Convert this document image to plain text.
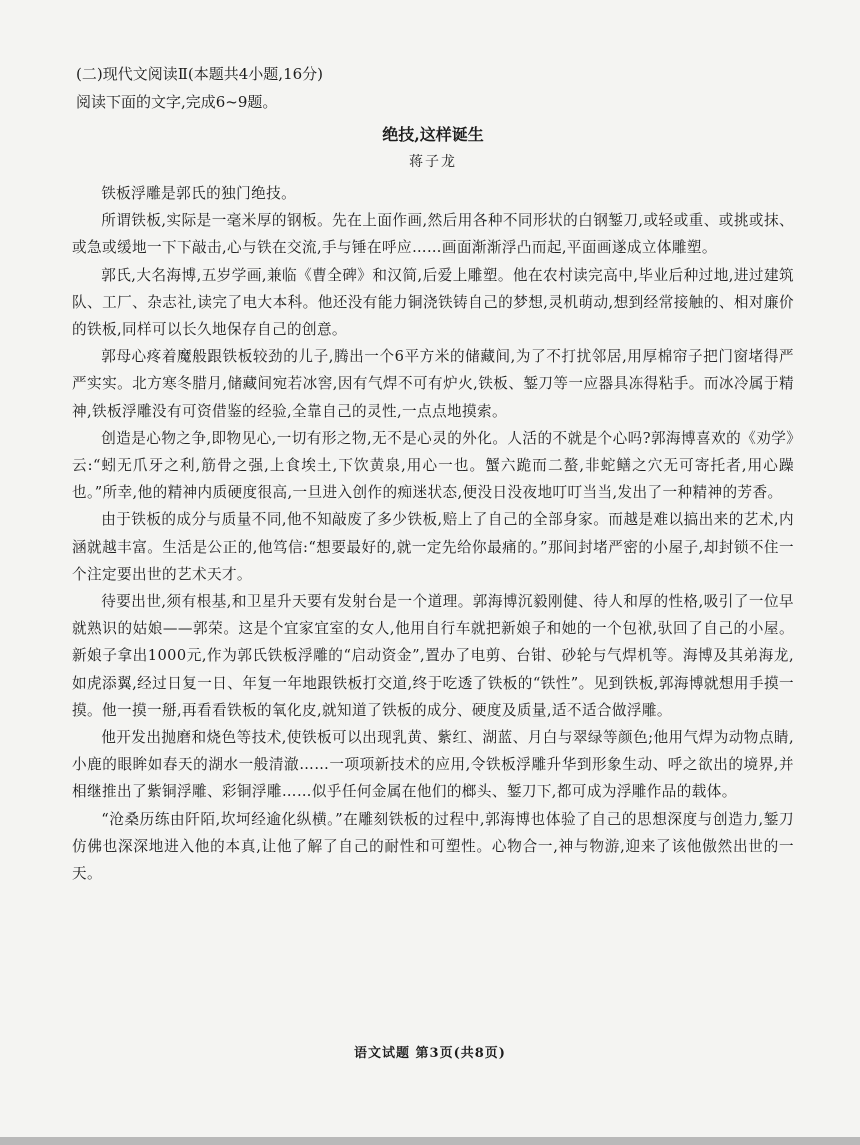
(二)现代文阅读Ⅱ(本题共4小题,16分)
阅读下面的文字,完成6~9题。
绝技,这样诞生
蒋子龙

铁板浮雕是郭氏的独门绝技。

所谓铁板,实际是一毫米厚的钢板。先在上面作画,然后用各种不同形状的白钢錾刀,或轻或重、或挑或抹、或急或缓地一下下敲击,心与铁在交流,手与锤在呼应……画面渐渐浮凸而起,平面画遂成立体雕塑。

郭氏,大名海博,五岁学画,兼临《曹全碑》和汉简,后爱上雕塑。他在农村读完高中,毕业后种过地,进过建筑队、工厂、杂志社,读完了电大本科。他还没有能力铜浇铁铸自己的梦想,灵机萌动,想到经常接触的、相对廉价的铁板,同样可以长久地保存自己的创意。

郭母心疼着魔般跟铁板较劲的儿子,腾出一个6平方米的储藏间,为了不打扰邻居,用厚棉帘子把门窗堵得严严实实。北方寒冬腊月,储藏间宛若冰窖,因有气焊不可有炉火,铁板、錾刀等一应器具冻得粘手。而冰冷属于精神,铁板浮雕没有可资借鉴的经验,全靠自己的灵性,一点点地摸索。

创造是心物之争,即物见心,一切有形之物,无不是心灵的外化。人活的不就是个心吗?郭海博喜欢的《劝学》云:“蚓无爪牙之利,筋骨之强,上食埃土,下饮黄泉,用心一也。蟹六跪而二螯,非蛇鳝之穴无可寄托者,用心躁也。”所幸,他的精神内质硬度很高,一旦进入创作的痴迷状态,便没日没夜地叮叮当当,发出了一种精神的芳香。

由于铁板的成分与质量不同,他不知敲废了多少铁板,赔上了自己的全部身家。而越是难以搞出来的艺术,内涵就越丰富。生活是公正的,他笃信:“想要最好的,就一定先给你最痛的。”那间封堵严密的小屋子,却封锁不住一个注定要出世的艺术天才。

待要出世,须有根基,和卫星升天要有发射台是一个道理。郭海博沉毅刚健、待人和厚的性格,吸引了一位早就熟识的姑娘——郭荣。这是个宜家宜室的女人,他用自行车就把新娘子和她的一个包袱,驮回了自己的小屋。新娘子拿出1000元,作为郭氏铁板浮雕的“启动资金”,置办了电剪、台钳、砂轮与气焊机等。海博及其弟海龙,如虎添翼,经过日复一日、年复一年地跟铁板打交道,终于吃透了铁板的“铁性”。见到铁板,郭海博就想用手摸一摸。他一摸一掰,再看看铁板的氧化皮,就知道了铁板的成分、硬度及质量,适不适合做浮雕。

他开发出抛磨和烧色等技术,使铁板可以出现乳黄、紫红、湖蓝、月白与翠绿等颜色;他用气焊为动物点睛,小鹿的眼眸如春天的湖水一般清澈……一项项新技术的应用,令铁板浮雕升华到形象生动、呼之欲出的境界,并相继推出了紫铜浮雕、彩铜浮雕……似乎任何金属在他们的榔头、錾刀下,都可成为浮雕作品的载体。

“沧桑历练由阡陌,坎坷经逾化纵横。”在雕刻铁板的过程中,郭海博也体验了自己的思想深度与创造力,錾刀仿佛也深深地进入他的本真,让他了解了自己的耐性和可塑性。心物合一,神与物游,迎来了该他傲然出世的一天。

语文试题 第3页(共8页)
